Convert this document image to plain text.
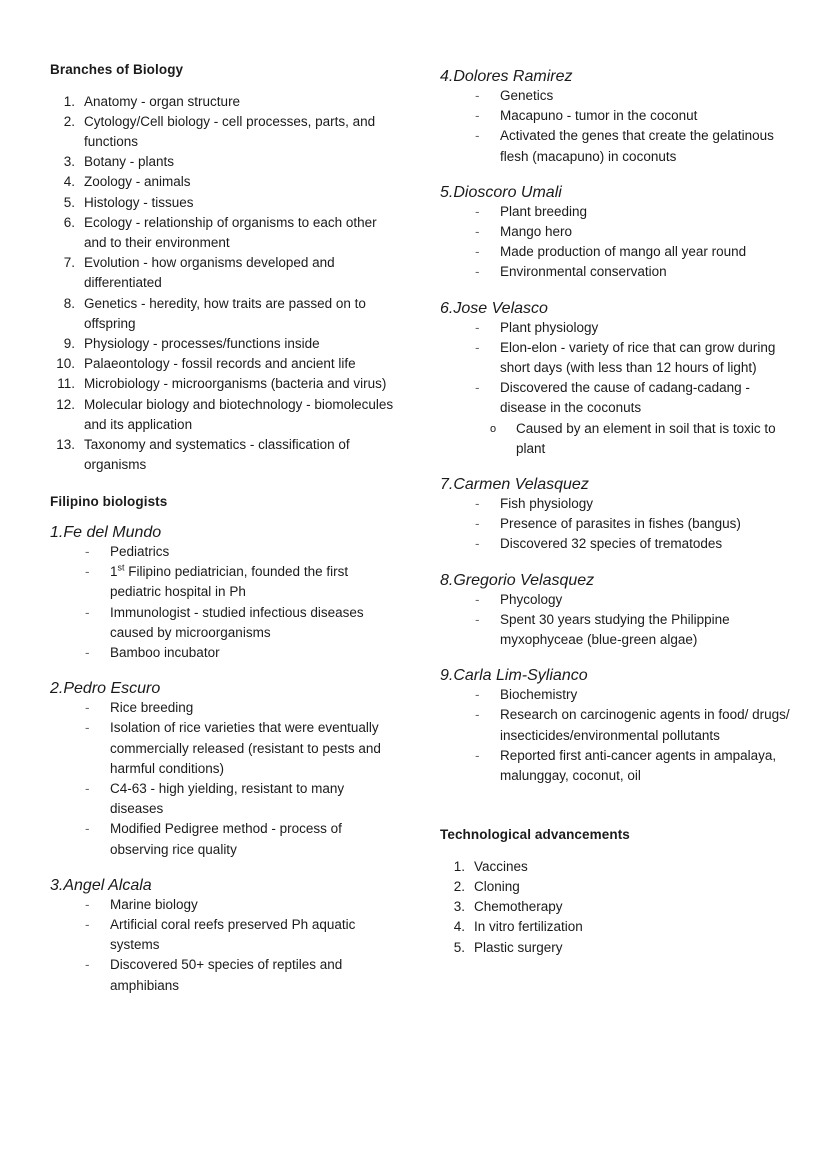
Branches of Biology
1. Anatomy - organ structure
2. Cytology/Cell biology - cell processes, parts, and functions
3. Botany - plants
4. Zoology - animals
5. Histology - tissues
6. Ecology - relationship of organisms to each other and to their environment
7. Evolution - how organisms developed and differentiated
8. Genetics - heredity, how traits are passed on to offspring
9. Physiology - processes/functions inside
10. Palaeontology - fossil records and ancient life
11. Microbiology - microorganisms (bacteria and virus)
12. Molecular biology and biotechnology - biomolecules and its application
13. Taxonomy and systematics - classification of organisms
Filipino biologists
1.Fe del Mundo
-	Pediatrics
-	1st Filipino pediatrician, founded the first pediatric hospital in Ph
-	Immunologist - studied infectious diseases caused by microorganisms
-	Bamboo incubator
2.Pedro Escuro
-	Rice breeding
-	Isolation of rice varieties that were eventually commercially released (resistant to pests and harmful conditions)
-	C4-63 - high yielding, resistant to many diseases
-	Modified Pedigree method - process of observing rice quality
3.Angel Alcala
-	Marine biology
-	Artificial coral reefs preserved Ph aquatic systems
-	Discovered 50+ species of reptiles and amphibians
4.Dolores Ramirez
-	Genetics
-	Macapuno - tumor in the coconut
-	Activated the genes that create the gelatinous flesh (macapuno) in coconuts
5.Dioscoro Umali
-	Plant breeding
-	Mango hero
-	Made production of mango all year round
-	Environmental conservation
6.Jose Velasco
-	Plant physiology
-	Elon-elon - variety of rice that can grow during short days (with less than 12 hours of light)
-	Discovered the cause of cadang-cadang - disease in the coconuts
o	Caused by an element in soil that is toxic to plant
7.Carmen Velasquez
-	Fish physiology
-	Presence of parasites in fishes (bangus)
-	Discovered 32 species of trematodes
8.Gregorio Velasquez
-	Phycology
-	Spent 30 years studying the Philippine myxophyceae (blue-green algae)
9.Carla Lim-Sylianco
-	Biochemistry
-	Research on carcinogenic agents in food/ drugs/ insecticides/environmental pollutants
-	Reported first anti-cancer agents in ampalaya, malunggay, coconut, oil
Technological advancements
1. Vaccines
2. Cloning
3. Chemotherapy
4. In vitro fertilization
5. Plastic surgery
